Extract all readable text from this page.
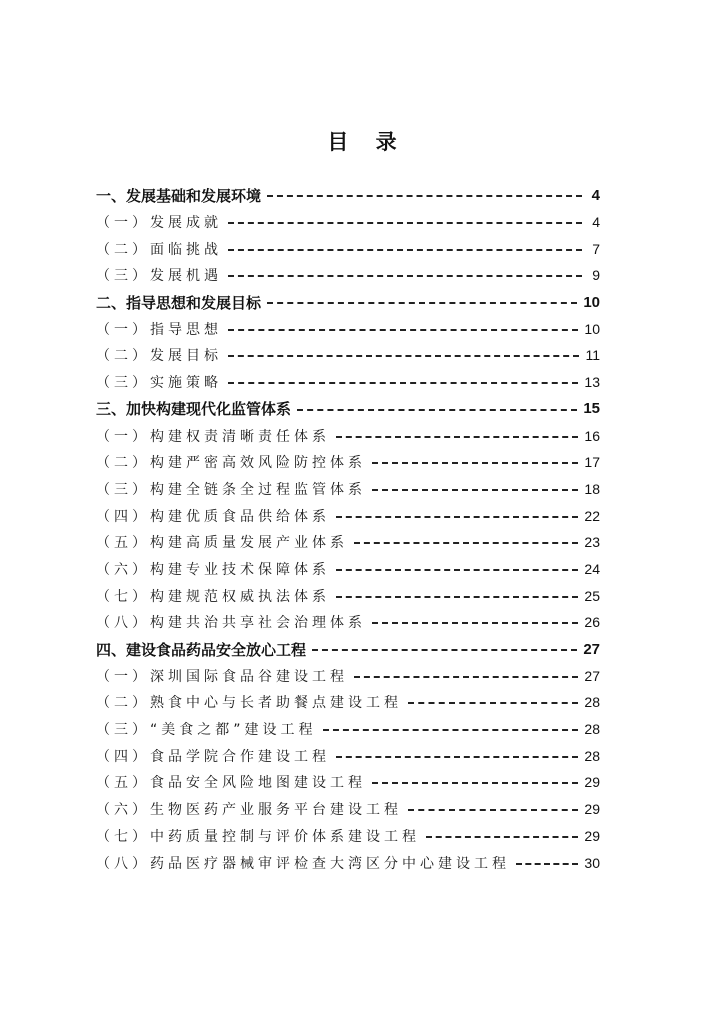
目 录
一、发展基础和发展环境	4
（一）发展成就	4
（二）面临挑战	7
（三）发展机遇	9
二、指导思想和发展目标	10
（一）指导思想	10
（二）发展目标	11
（三）实施策略	13
三、加快构建现代化监管体系	15
（一）构建权责清晰责任体系	16
（二）构建严密高效风险防控体系	17
（三）构建全链条全过程监管体系	18
（四）构建优质食品供给体系	22
（五）构建高质量发展产业体系	23
（六）构建专业技术保障体系	24
（七）构建规范权威执法体系	25
（八）构建共治共享社会治理体系	26
四、建设食品药品安全放心工程	27
（一）深圳国际食品谷建设工程	27
（二）熟食中心与长者助餐点建设工程	28
（三）“美食之都”建设工程	28
（四）食品学院合作建设工程	28
（五）食品安全风险地图建设工程	29
（六）生物医药产业服务平台建设工程	29
（七）中药质量控制与评价体系建设工程	29
（八）药品医疗器械审评检查大湾区分中心建设工程	30
